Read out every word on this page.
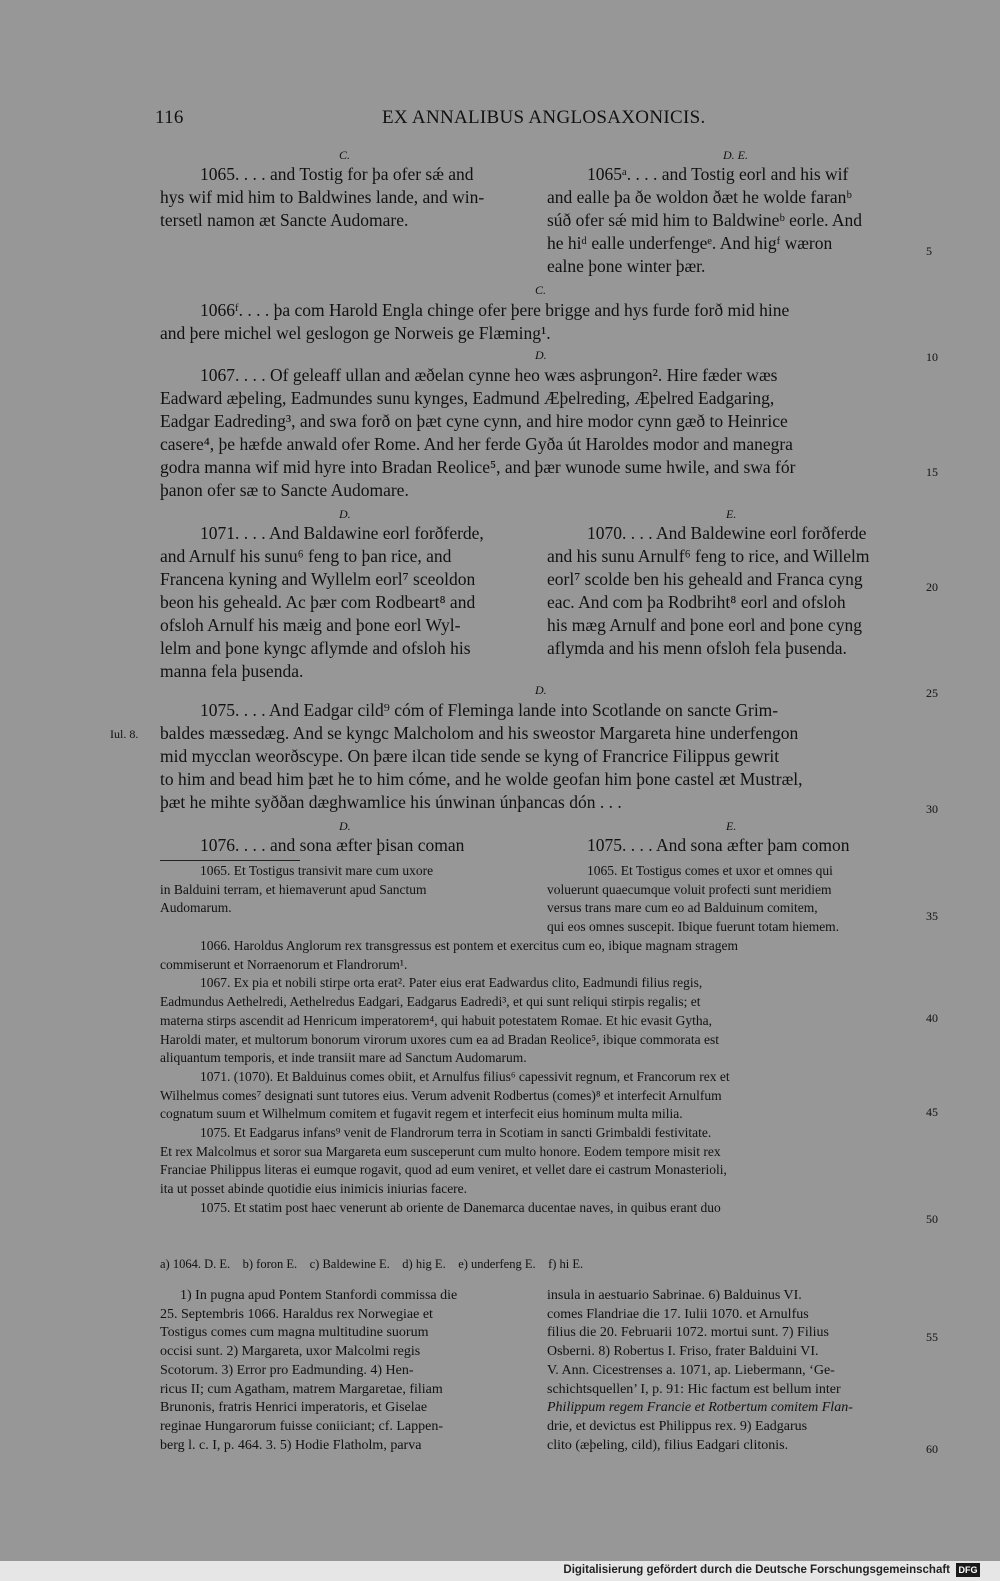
116	EX ANNALIBUS ANGLOSAXONICIS.
C.	D. E.

1065. . . . and Tostig for þa ofer sǽ and

hys wif mid him to Baldwines lande, and win-

tersetl namon æt Sancte Audomare.

1065ᵃ. . . . and Tostig eorl and his wif

and ealle þa ðe woldon ðæt he wolde faranᵇ

súð ofer sǽ mid him to Baldwineᵇ eorle. And

he hiᵈ ealle underfengeᵉ. And higᶠ wæron

ealne þone winter þær.

C.

1066ᶠ. . . . þa com Harold Engla chinge ofer þere brigge and hys furde forð mid hine

and þere michel wel geslogon ge Norweis ge Flæming¹.

D.

1067. . . . Of geleaff ullan and æðelan cynne heo wæs asþrungon². Hire fæder wæs

Eadward æþeling, Eadmundes sunu kynges, Eadmund Æþelreding, Æþelred Eadgaring,

Eadgar Eadreding³, and swa forð on þæt cyne cynn, and hire modor cynn gæð to Heinrice

casere⁴, þe hæfde anwald ofer Rome. And her ferde Gyða út Haroldes modor and manegra

godra manna wif mid hyre into Bradan Reolice⁵, and þær wunode sume hwile, and swa fór

þanon ofer sæ to Sancte Audomare.

D.	E.

1071. . . . And Baldawine eorl forðferde,

and Arnulf his sunu⁶ feng to þan rice, and

Francena kyning and Wyllelm eorl⁷ sceoldon

beon his geheald. Ac þær com Rodbeart⁸ and

ofsloh Arnulf his mæig and þone eorl Wyl-

lelm and þone kyngc aflymde and ofsloh his

manna fela þusenda.

1070. . . . And Baldewine eorl forðferde

and his sunu Arnulf⁶ feng to rice, and Willelm

eorl⁷ scolde ben his geheald and Franca cyng

eac. And com þa Rodbriht⁸ eorl and ofsloh

his mæg Arnulf and þone eorl and þone cyng

aflymda and his menn ofsloh fela þusenda.

D.
Iul. 8.

1075. . . . And Eadgar cild⁹ cóm of Fleminga lande into Scotlande on sancte Grim-

baldes mæssedæg. And se kyngc Malcholom and his sweostor Margareta hine underfengon

mid mycclan weorðscype. On þære ilcan tide sende se kyng of Francrice Filippus gewrit

to him and bead him þæt he to him cóme, and he wolde geofan him þone castel æt Mustræl,

þæt he mihte syððan dæghwamlice his únwinan únþancas dón . . .

D.	E.

1076. . . . and sona æfter þisan coman	1075. . . . And sona æfter þam comon

1065. Et Tostigus transivit mare cum uxore

in Balduini terram, et hiemaverunt apud Sanctum

Audomarum.

1065. Et Tostigus comes et uxor et omnes qui

voluerunt quaecumque voluit profecti sunt meridiem

versus trans mare cum eo ad Balduinum comitem,

qui eos omnes suscepit. Ibique fuerunt totam hiemem.

1066. Haroldus Anglorum rex transgressus est pontem et exercitus cum eo, ibique magnam stragem

commiserunt et Norraenorum et Flandrorum¹.

1067. Ex pia et nobili stirpe orta erat². Pater eius erat Eadwardus clito, Eadmundi filius regis,

Eadmundus Aethelredi, Aethelredus Eadgari, Eadgarus Eadredi³, et qui sunt reliqui stirpis regalis; et

materna stirps ascendit ad Henricum imperatorem⁴, qui habuit potestatem Romae. Et hic evasit Gytha,

Haroldi mater, et multorum bonorum virorum uxores cum ea ad Bradan Reolice⁵, ibique commorata est

aliquantum temporis, et inde transiit mare ad Sanctum Audomarum.

1071. (1070). Et Balduinus comes obiit, et Arnulfus filius⁶ capessivit regnum, et Francorum rex et

Wilhelmus comes⁷ designati sunt tutores eius. Verum advenit Rodbertus (comes)⁸ et interfecit Arnulfum

cognatum suum et Wilhelmum comitem et fugavit regem et interfecit eius hominum multa milia.

1075. Et Eadgarus infans⁹ venit de Flandrorum terra in Scotiam in sancti Grimbaldi festivitate.

Et rex Malcolmus et soror sua Margareta eum susceperunt cum multo honore. Eodem tempore misit rex

Franciae Philippus literas ei eumque rogavit, quod ad eum veniret, et vellet dare ei castrum Monasterioli,

ita ut posset abinde quotidie eius inimicis iniurias facere.

1075. Et statim post haec venerunt ab oriente de Danemarca ducentae naves, in quibus erant duo

a) 1064. D. E.    b) foron E.    c) Baldewine E.    d) hig E.    e) underfeng E.    f) hi E.

1) In pugna apud Pontem Stanfordi commissa die

25. Septembris 1066. Haraldus rex Norwegiae et

Tostigus comes cum magna multitudine suorum

occisi sunt. 2) Margareta, uxor Malcolmi regis

Scotorum. 3) Error pro Eadmunding. 4) Hen-

ricus II; cum Agatham, matrem Margaretae, filiam

Brunonis, fratris Henrici imperatoris, et Giselae

reginae Hungarorum fuisse coniiciant; cf. Lappen-

berg l. c. I, p. 464. 3. 5) Hodie Flatholm, parva

insula in aestuario Sabrinae. 6) Balduinus VI.

comes Flandriae die 17. Iulii 1070. et Arnulfus

filius die 20. Februarii 1072. mortui sunt. 7) Filius

Osberni. 8) Robertus I. Friso, frater Balduini VI.

V. Ann. Cicestrenses a. 1071, ap. Liebermann, ‘Ge-

schichtsquellen’ I, p. 91: Hic factum est bellum inter

Philippum regem Francie et Rotbertum comitem Flan-

drie, et devictus est Philippus rex. 9) Eadgarus

clito (æþeling, cild), filius Eadgari clitonis.

5
10
15
20
25
30
35
40
45
50
55
60
Digitalisierung gefördert durch die Deutsche Forschungsgemeinschaft DFG
